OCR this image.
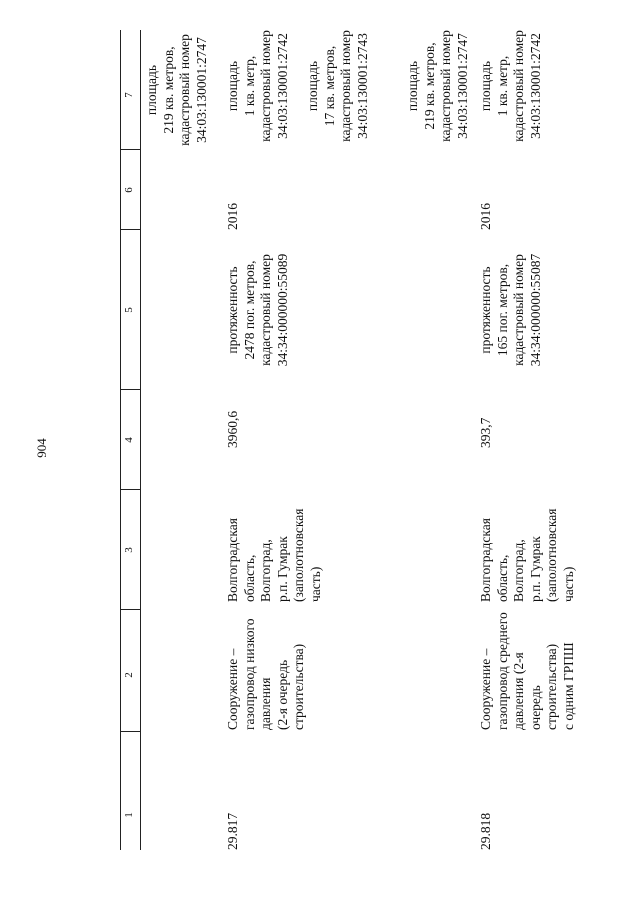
904
1
2
3
4
5
6
7 площадь
219 кв. метров,
кадастровый номер
34:03:130001:2747
29.817
Сооружение –
газопровод низкого
давления
(2-я очередь
строительства)
Волгоградская
область, Волгоград,
р.п. Гумрак
(заполотновская
часть)
3960,6
протяженность
2478 пог. метров,
кадастровый номер
34:34:000000:55089
2016
площадь
1 кв. метр,
кадастровый номер
34:03:130001:2742 площадь
17 кв. метров,
кадастровый номер
34:03:130001:2743	площадь
219 кв. метров,
кадастровый номер
34:03:130001:2747
29.818
Сооружение –
газопровод среднего
давления (2-я очередь
строительства)
с одним ГРПШ
Волгоградская
область, Волгоград,
р.п. Гумрак
(заполотновская
часть)
393,7
протяженность
165 пог. метров,
кадастровый номер
34:34:000000:55087
2016
площадь
1 кв. метр,
кадастровый номер
34:03:130001:2742
